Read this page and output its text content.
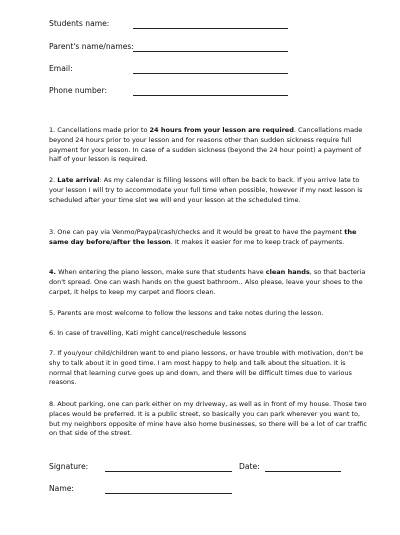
Students name:
Parent's name/names:
Email:
Phone number:
1. Cancellations made prior to 24 hours from your lesson are required. Cancellations made beyond 24 hours prior to your lesson and for reasons other than sudden sickness require full payment for your lesson. In case of a sudden sickness (beyond the 24 hour point) a payment of half of your lesson is required.
2. Late arrival: As my calendar is filling lessons will often be back to back. If you arrive late to your lesson I will try to accommodate your full time when possible, however if my next lesson is scheduled after your time slot we will end your lesson at the scheduled time.
3. One can pay via Venmo/Paypal/cash/checks and it would be great to have the payment the same day before/after the lesson. It makes it easier for me to keep track of payments.
4. When entering the piano lesson, make sure that students have clean hands, so that bacteria don't spread. One can wash hands on the guest bathroom.. Also please, leave your shoes to the carpet, it helps to keep my carpet and floors clean.
5. Parents are most welcome to follow the lessons and take notes during the lesson.
6. In case of travelling, Kati might cancel/reschedule lessons
7. If you/your child/children want to end piano lessons, or have trouble with motivation, don't be shy to talk about it in good time. I am most happy to help and talk about the situation. It is normal that learning curve goes up and down, and there will be difficult times due to various reasons.
8. About parking, one can park either on my driveway, as well as in front of my house. Those two places would be preferred. It is a public street, so basically you can park wherever you want to, but my neighbors opposite of mine have also home businesses, so there will be a lot of car traffic on that side of the street.
Signature:	Date:
Name:
